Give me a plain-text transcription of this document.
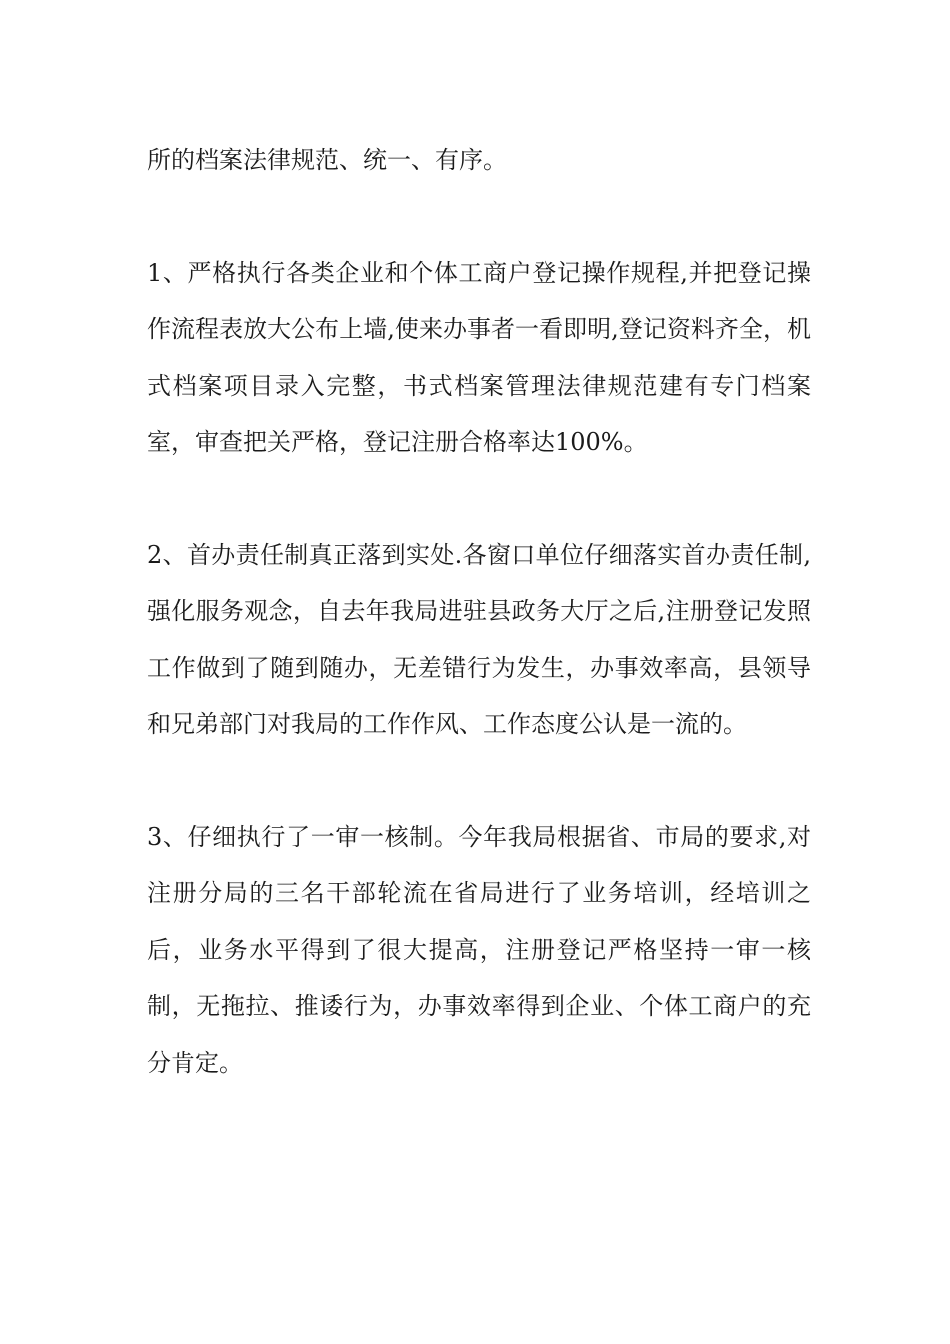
所的档案法律规范、统一、有序。

1、严格执行各类企业和个体工商户登记操作规程,并把登记操作流程表放大公布上墙,使来办事者一看即明,登记资料齐全，机式档案项目录入完整，书式档案管理法律规范建有专门档案室，审查把关严格，登记注册合格率达100%。

2、首办责任制真正落到实处.各窗口单位仔细落实首办责任制,强化服务观念，自去年我局进驻县政务大厅之后,注册登记发照工作做到了随到随办，无差错行为发生，办事效率高，县领导和兄弟部门对我局的工作作风、工作态度公认是一流的。

3、仔细执行了一审一核制。今年我局根据省、市局的要求,对注册分局的三名干部轮流在省局进行了业务培训，经培训之后，业务水平得到了很大提高，注册登记严格坚持一审一核制，无拖拉、推诿行为，办事效率得到企业、个体工商户的充分肯定。
